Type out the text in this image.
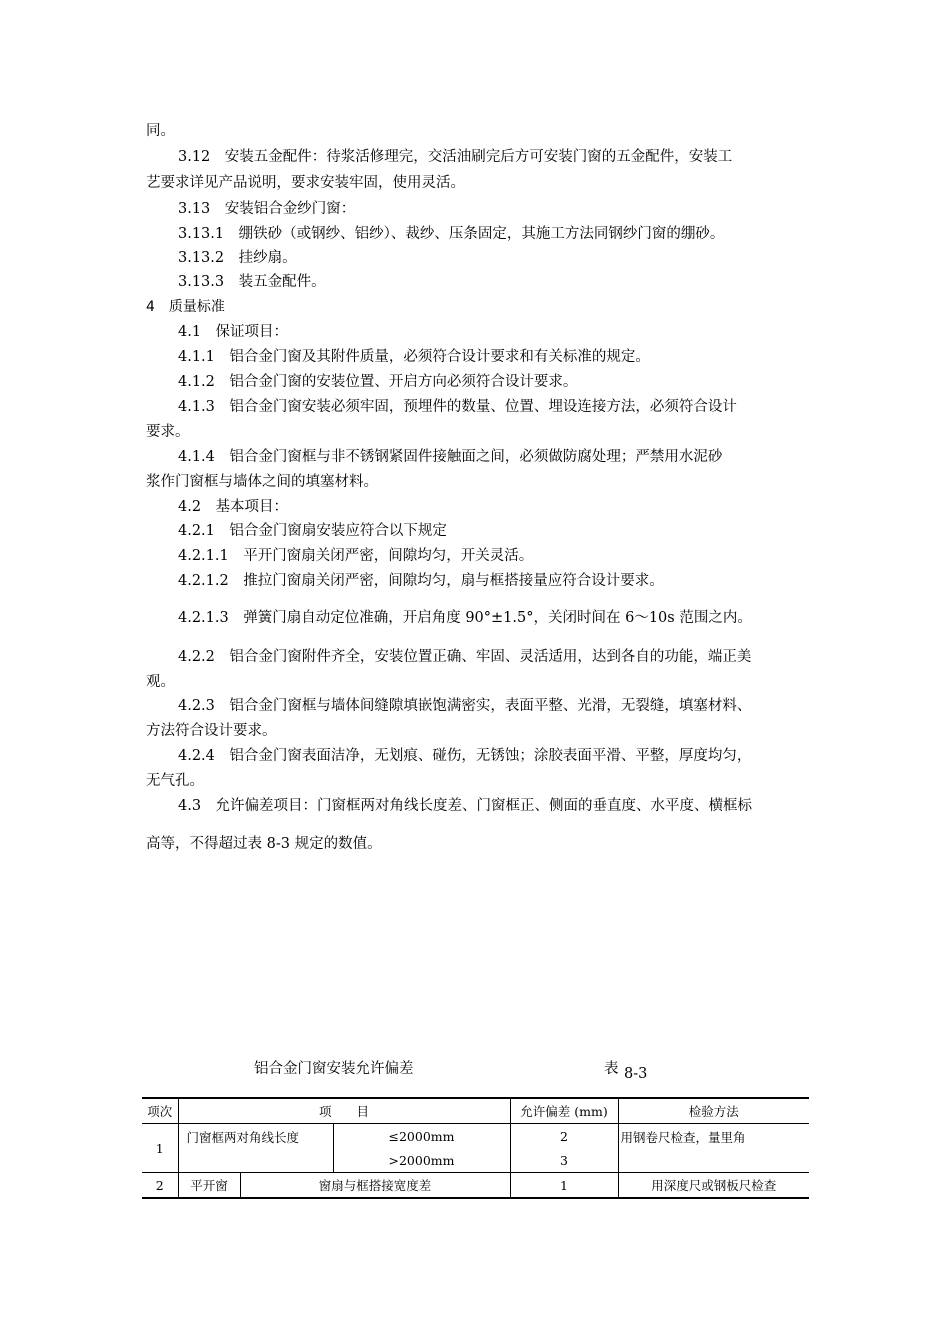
同。
3.12　安装五金配件：待浆活修理完，交活油刷完后方可安装门窗的五金配件，安装工
艺要求详见产品说明，要求安装牢固，使用灵活。
3.13　安装铝合金纱门窗：
3.13.1　绷铁砂（或钢纱、铝纱）、裁纱、压条固定，其施工方法同钢纱门窗的绷砂。
3.13.2　挂纱扇。
3.13.3　装五金配件。
4　质量标准
4.1　保证项目：
4.1.1　铝合金门窗及其附件质量，必须符合设计要求和有关标准的规定。
4.1.2　铝合金门窗的安装位置、开启方向必须符合设计要求。
4.1.3　铝合金门窗安装必须牢固，预埋件的数量、位置、埋设连接方法，必须符合设计
要求。
4.1.4　铝合金门窗框与非不锈钢紧固件接触面之间，必须做防腐处理；严禁用水泥砂
浆作门窗框与墙体之间的填塞材料。
4.2　基本项目：
4.2.1　铝合金门窗扇安装应符合以下规定
4.2.1.1　平开门窗扇关闭严密，间隙均匀，开关灵活。
4.2.1.2　推拉门窗扇关闭严密，间隙均匀，扇与框搭接量应符合设计要求。
4.2.1.3　弹簧门扇自动定位准确，开启角度 90°±1.5°，关闭时间在 6～10s 范围之内。
4.2.2　铝合金门窗附件齐全，安装位置正确、牢固、灵活适用，达到各自的功能，端正美
观。
4.2.3　铝合金门窗框与墙体间缝隙填嵌饱满密实，表面平整、光滑，无裂缝，填塞材料、
方法符合设计要求。
4.2.4　铝合金门窗表面洁净，无划痕、碰伤，无锈蚀；涂胶表面平滑、平整，厚度均匀，
无气孔。
4.3　允许偏差项目：门窗框两对角线长度差、门窗框正、侧面的垂直度、水平度、横框标
高等，不得超过表 8-3 规定的数值。
铝合金门窗安装允许偏差	表 8-3
项次	项　　目			允许偏差 (mm)	检验方法
1	门窗框两对角线长度		≤2000mm	2	用钢卷尺检查，量里角
			>2000mm	3	
2	平开窗	窗扇与框搭接宽度差		1	用深度尺或钢板尺检查
